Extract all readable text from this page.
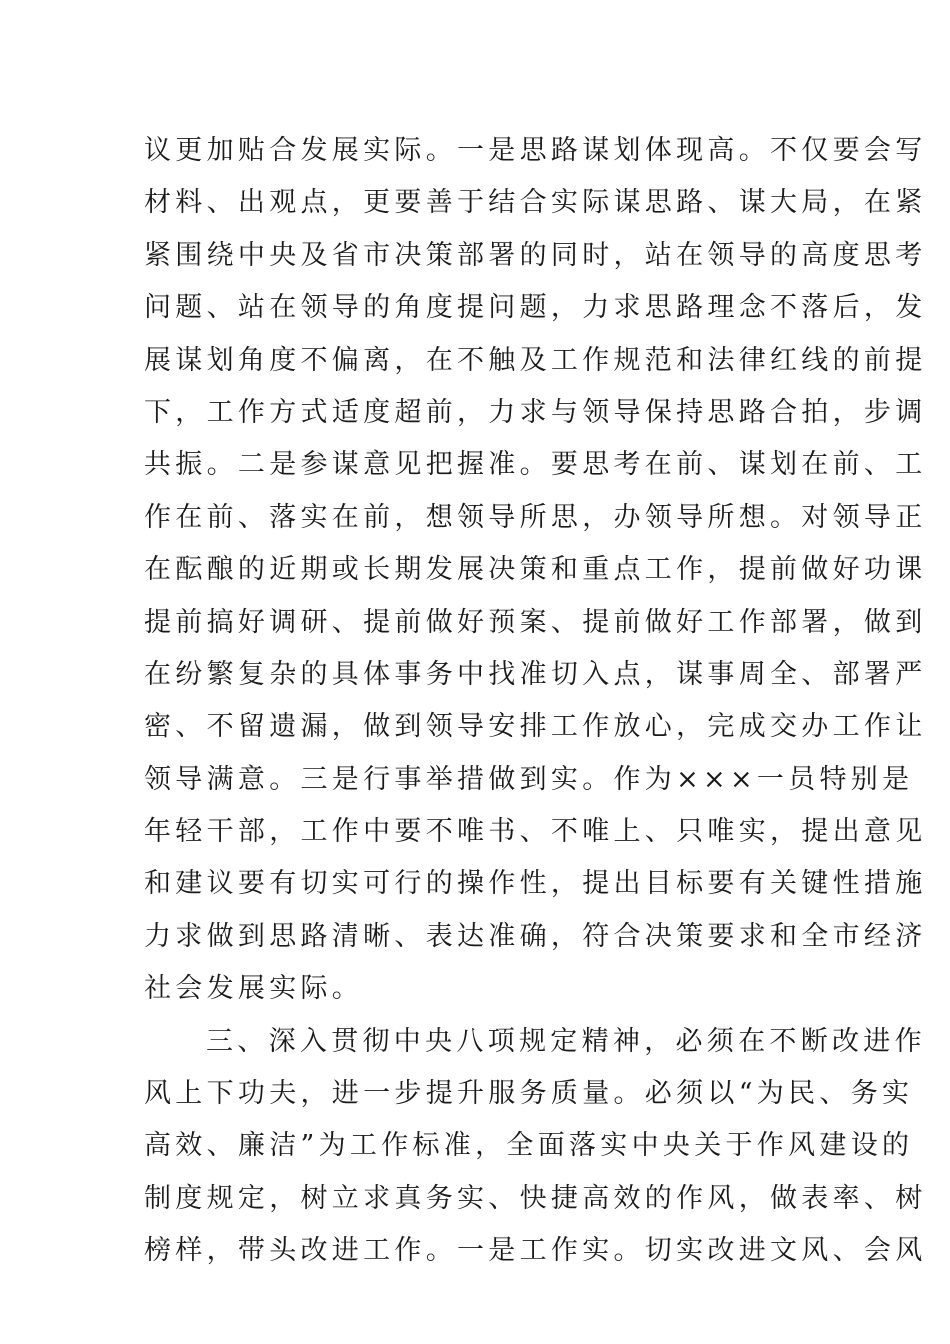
议更加贴合发展实际。一是思路谋划体现高。不仅要会写
材料、出观点，更要善于结合实际谋思路、谋大局，在紧
紧围绕中央及省市决策部署的同时，站在领导的高度思考
问题、站在领导的角度提问题，力求思路理念不落后，发
展谋划角度不偏离，在不触及工作规范和法律红线的前提
下，工作方式适度超前，力求与领导保持思路合拍，步调
共振。二是参谋意见把握准。要思考在前、谋划在前、工
作在前、落实在前，想领导所思，办领导所想。对领导正
在酝酿的近期或长期发展决策和重点工作，提前做好功课
提前搞好调研、提前做好预案、提前做好工作部署，做到
在纷繁复杂的具体事务中找准切入点，谋事周全、部署严
密、不留遗漏，做到领导安排工作放心，完成交办工作让
领导满意。三是行事举措做到实。作为×××一员特别是
年轻干部，工作中要不唯书、不唯上、只唯实，提出意见
和建议要有切实可行的操作性，提出目标要有关键性措施
力求做到思路清晰、表达准确，符合决策要求和全市经济
社会发展实际。
三、深入贯彻中央八项规定精神，必须在不断改进作
风上下功夫，进一步提升服务质量。必须以“为民、务实
高效、廉洁”为工作标准，全面落实中央关于作风建设的
制度规定，树立求真务实、快捷高效的作风，做表率、树
榜样，带头改进工作。一是工作实。切实改进文风、会风
